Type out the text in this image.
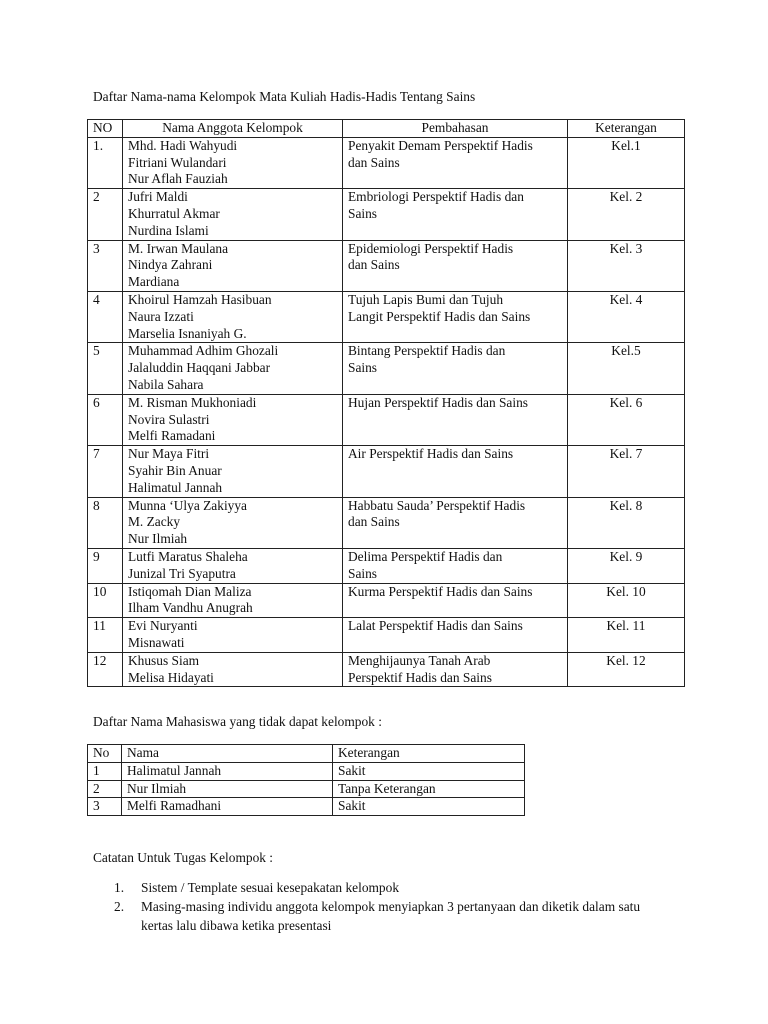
Daftar Nama-nama Kelompok Mata Kuliah Hadis-Hadis Tentang Sains
NO	Nama Anggota Kelompok	Pembahasan	Keterangan
1.	Mhd. Hadi Wahyudi
Fitriani Wulandari
Nur Aflah Fauziah	Penyakit Demam Perspektif Hadis
dan Sains	Kel.1
2	Jufri Maldi
Khurratul Akmar
Nurdina Islami	Embriologi Perspektif Hadis dan
Sains	Kel. 2
3	M. Irwan Maulana
Nindya Zahrani
Mardiana	Epidemiologi Perspektif Hadis
dan Sains	Kel. 3
4	Khoirul Hamzah Hasibuan
Naura Izzati
Marselia Isnaniyah G.	Tujuh Lapis Bumi dan Tujuh
Langit Perspektif Hadis dan Sains	Kel. 4
5	Muhammad Adhim Ghozali
Jalaluddin Haqqani Jabbar
Nabila Sahara	Bintang Perspektif Hadis dan
Sains	Kel.5
6	M. Risman Mukhoniadi
Novira Sulastri
Melfi Ramadani	Hujan Perspektif Hadis dan Sains	Kel. 6
7	Nur Maya Fitri
Syahir Bin Anuar
Halimatul Jannah	Air Perspektif Hadis dan Sains	Kel. 7
8	Munna ‘Ulya Zakiyya
M. Zacky
Nur Ilmiah	Habbatu Sauda’ Perspektif Hadis
dan Sains	Kel. 8
9	Lutfi Maratus Shaleha
Junizal Tri Syaputra	Delima Perspektif Hadis dan
Sains	Kel. 9
10	Istiqomah Dian Maliza
Ilham Vandhu Anugrah	Kurma Perspektif Hadis dan Sains	Kel. 10
11	Evi Nuryanti
Misnawati	Lalat Perspektif Hadis dan Sains	Kel. 11
12	Khusus Siam
Melisa Hidayati	Menghijaunya Tanah Arab
Perspektif Hadis dan Sains	Kel. 12
Daftar Nama Mahasiswa yang tidak dapat kelompok :
No	Nama	Keterangan
1	Halimatul Jannah	Sakit
2	Nur Ilmiah	Tanpa Keterangan
3	Melfi Ramadhani	Sakit
Catatan Untuk Tugas Kelompok :
1. Sistem / Template sesuai kesepakatan kelompok
2. Masing-masing individu anggota kelompok menyiapkan 3 pertanyaan dan diketik dalam satu kertas lalu dibawa ketika presentasi
